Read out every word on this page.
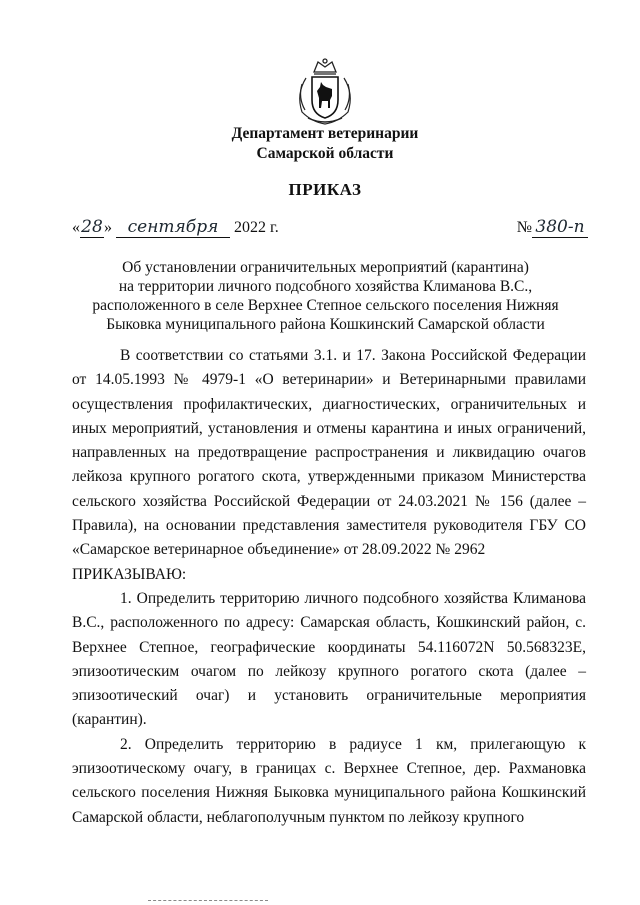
Департамент ветеринарии
Самарской области
ПРИКАЗ
«28» сентября 2022 г.	№ 380-п
Об установлении ограничительных мероприятий (карантина)
на территории личного подсобного хозяйства Климанова В.С.,
расположенного в селе Верхнее Степное сельского поселения Нижняя
Быковка муниципального района Кошкинский Самарской области

В соответствии со статьями 3.1. и 17. Закона Российской Федерации от 14.05.1993 № 4979-1 «О ветеринарии» и Ветеринарными правилами осуществления профилактических, диагностических, ограничительных и иных мероприятий, установления и отмены карантина и иных ограничений, направленных на предотвращение распространения и ликвидацию очагов лейкоза крупного рогатого скота, утвержденными приказом Министерства сельского хозяйства Российской Федерации от 24.03.2021 № 156 (далее – Правила), на основании представления заместителя руководителя ГБУ СО «Самарское ветеринарное объединение» от 28.09.2022 № 2962

ПРИКАЗЫВАЮ:

1. Определить территорию личного подсобного хозяйства Климанова В.С., расположенного по адресу: Самарская область, Кошкинский район, с. Верхнее Степное, географические координаты 54.116072N 50.568323E, эпизоотическим очагом по лейкозу крупного рогатого скота (далее – эпизоотический очаг) и установить ограничительные мероприятия (карантин).

2. Определить территорию в радиусе 1 км, прилегающую к эпизоотическому очагу, в границах с. Верхнее Степное, дер. Рахмановка сельского поселения Нижняя Быковка муниципального района Кошкинский Самарской области, неблагополучным пунктом по лейкозу крупного
